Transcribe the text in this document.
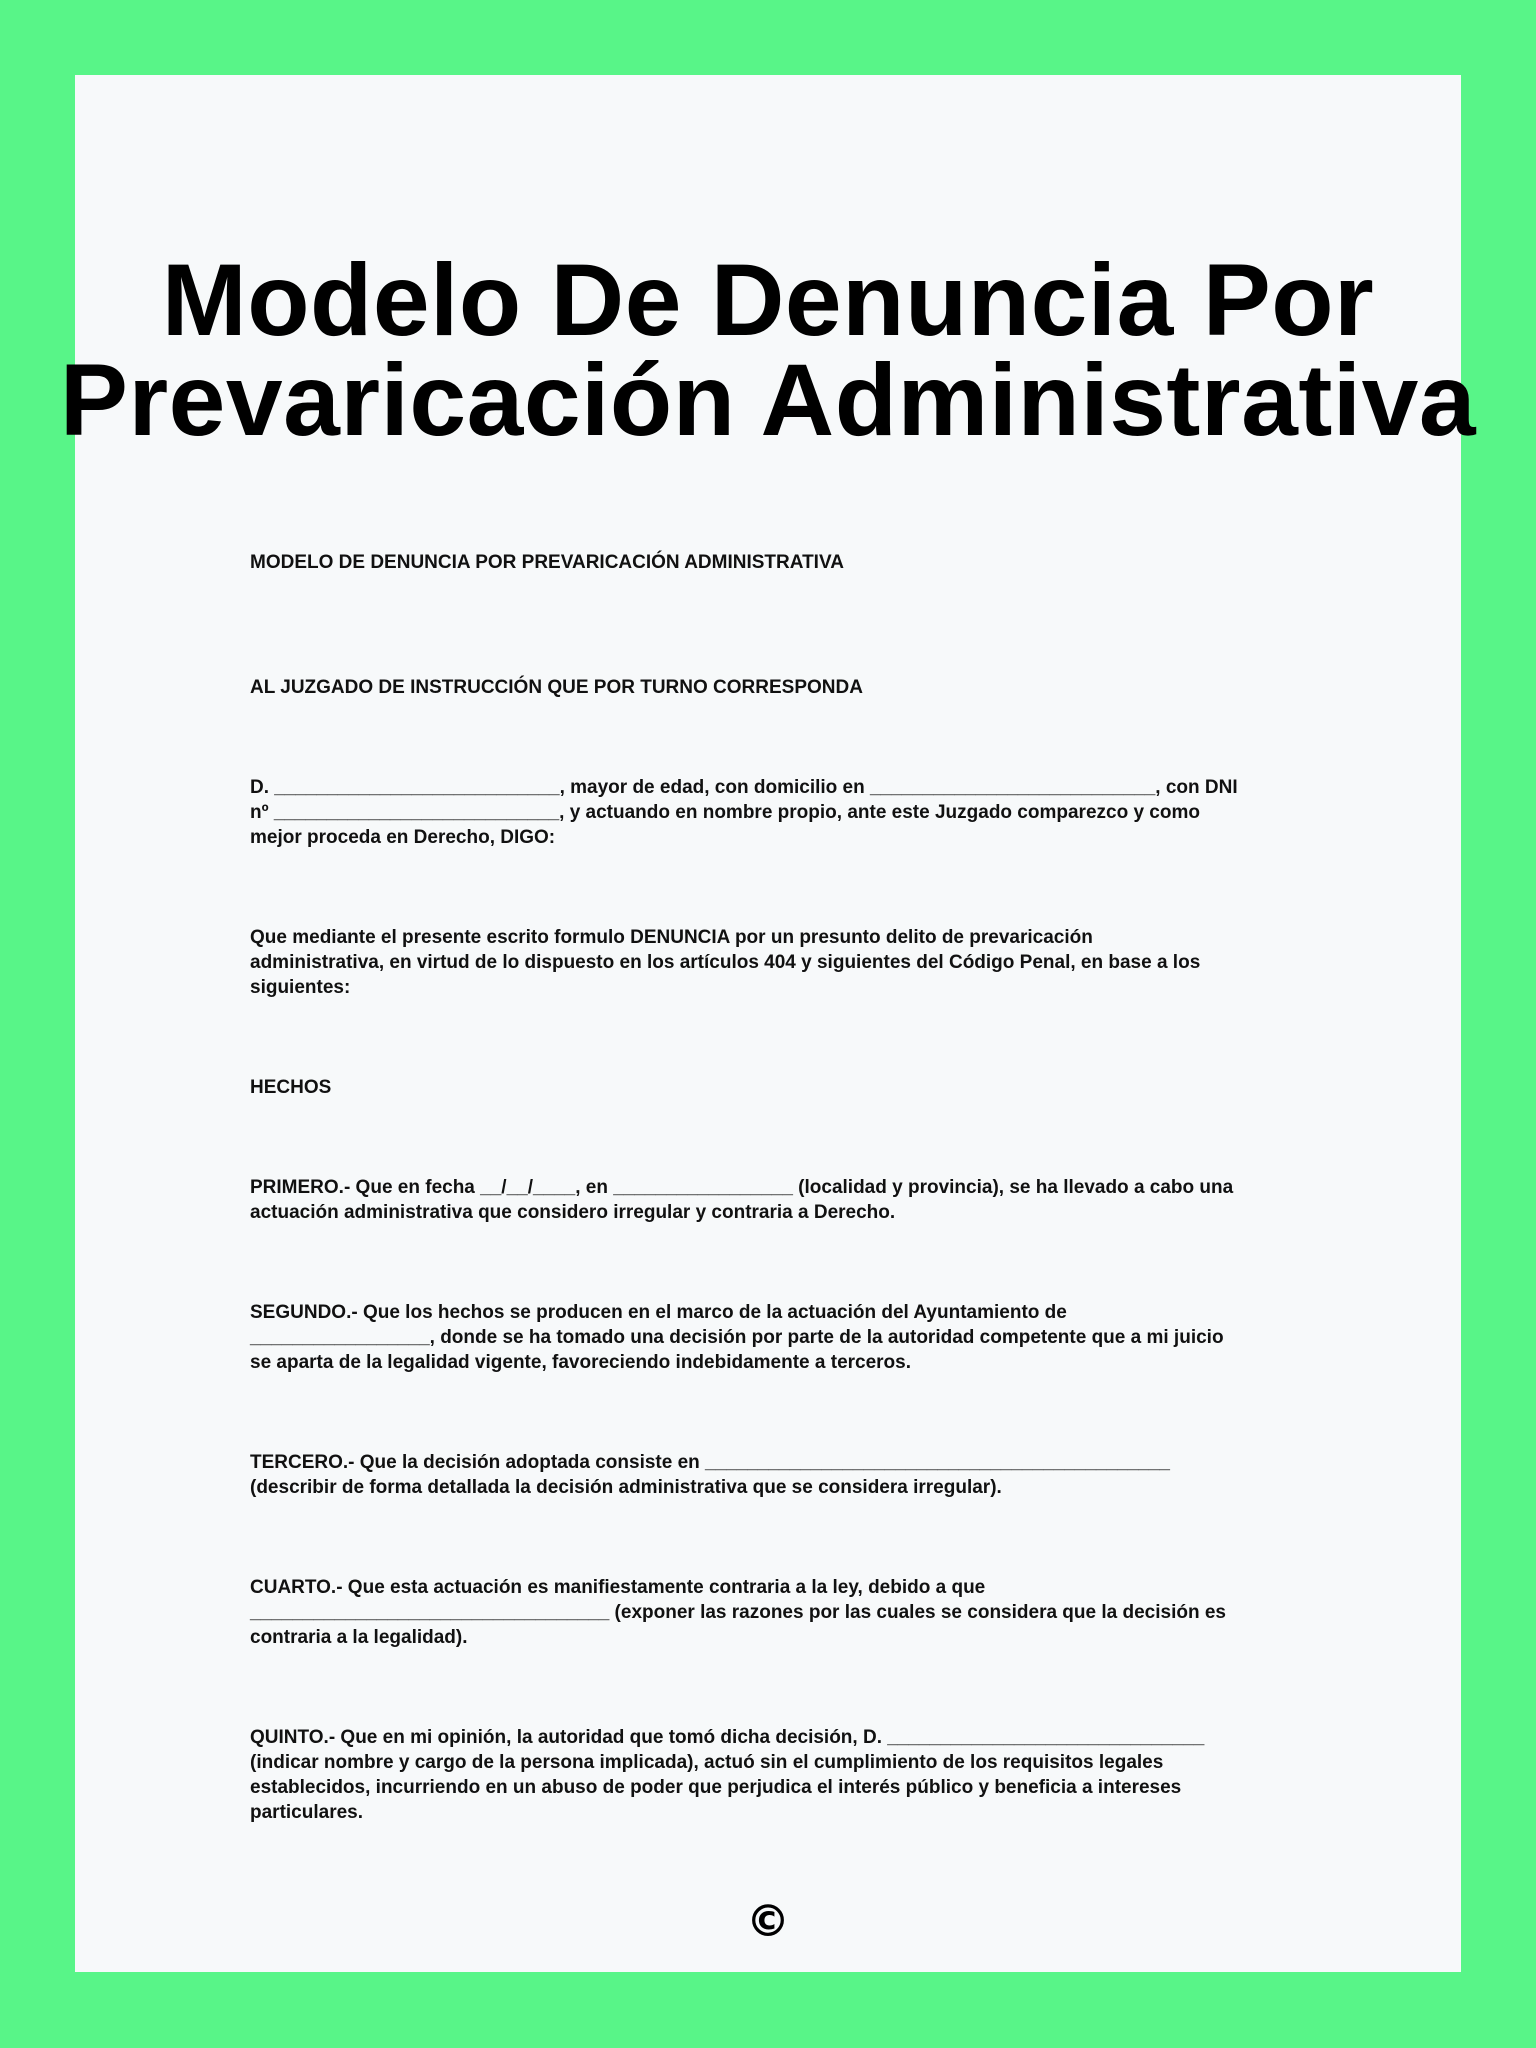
Modelo De Denuncia Por
Prevaricación Administrativa

MODELO DE DENUNCIA POR PREVARICACIÓN ADMINISTRATIVA

AL JUZGADO DE INSTRUCCIÓN QUE POR TURNO CORRESPONDA

D. ___________________________, mayor de edad, con domicilio en ___________________________, con DNI
nº ___________________________, y actuando en nombre propio, ante este Juzgado comparezco y como
mejor proceda en Derecho, DIGO:

Que mediante el presente escrito formulo DENUNCIA por un presunto delito de prevaricación
administrativa, en virtud de lo dispuesto en los artículos 404 y siguientes del Código Penal, en base a los
siguientes:

HECHOS

PRIMERO.- Que en fecha __/__/____, en _________________ (localidad y provincia), se ha llevado a cabo una
actuación administrativa que considero irregular y contraria a Derecho.

SEGUNDO.- Que los hechos se producen en el marco de la actuación del Ayuntamiento de
_________________, donde se ha tomado una decisión por parte de la autoridad competente que a mi juicio
se aparta de la legalidad vigente, favoreciendo indebidamente a terceros.

TERCERO.- Que la decisión adoptada consiste en ____________________________________________
(describir de forma detallada la decisión administrativa que se considera irregular).

CUARTO.- Que esta actuación es manifiestamente contraria a la ley, debido a que
__________________________________ (exponer las razones por las cuales se considera que la decisión es
contraria a la legalidad).

QUINTO.- Que en mi opinión, la autoridad que tomó dicha decisión, D. ______________________________
(indicar nombre y cargo de la persona implicada), actuó sin el cumplimiento de los requisitos legales
establecidos, incurriendo en un abuso de poder que perjudica el interés público y beneficia a intereses
particulares.

©
